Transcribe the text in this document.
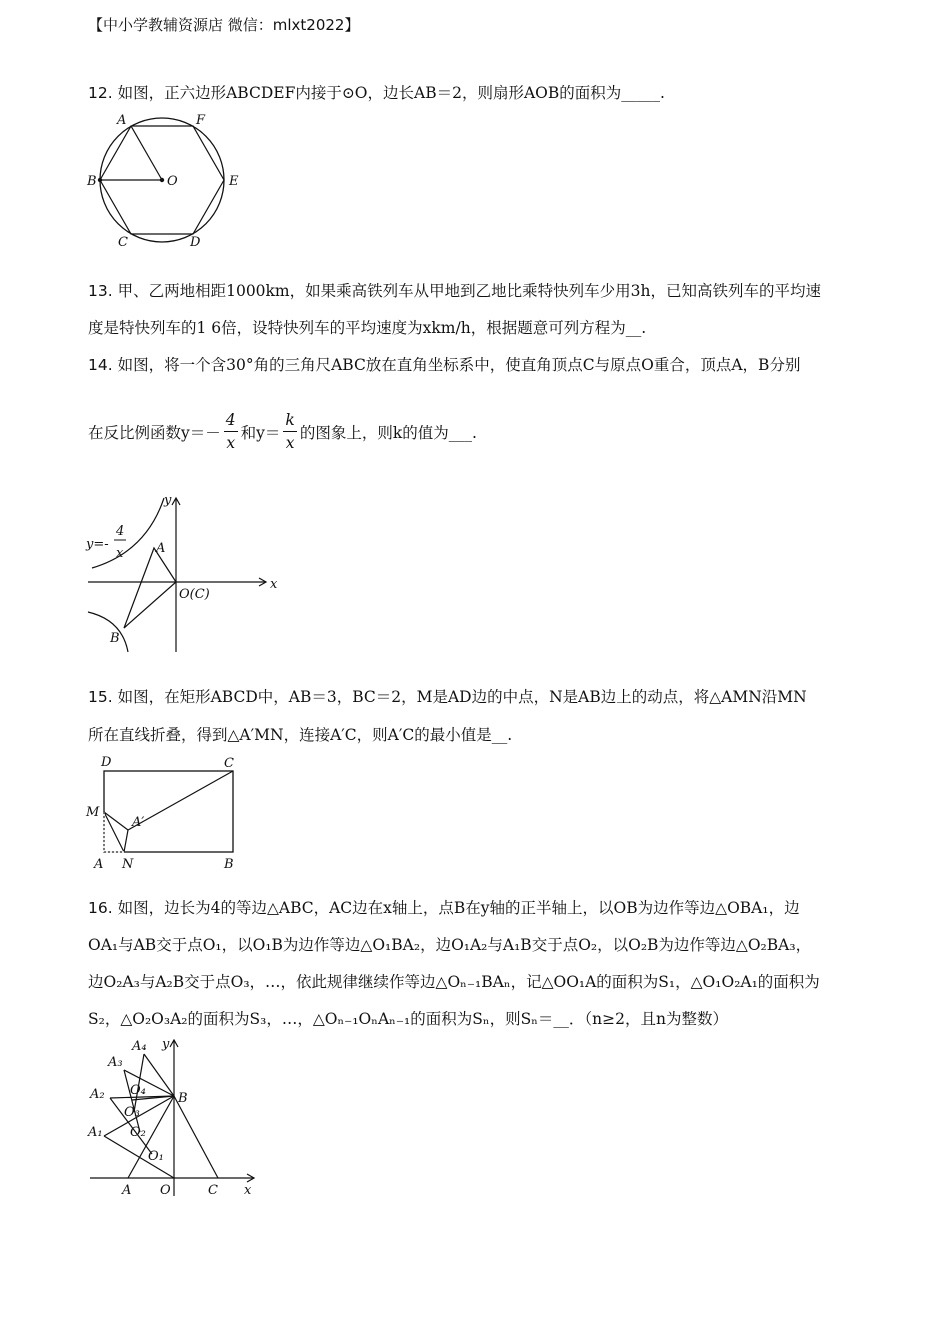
【中小学教辅资源店 微信：mlxt2022】
12. 如图，正六边形ABCDEF内接于⊙O，边长AB＝2，则扇形AOB的面积为_____.
A	F
B	O	E
C	D
13. 甲、乙两地相距1000km，如果乘高铁列车从甲地到乙地比乘特快列车少用3h，已知高铁列车的平均速
度是特快列车的1 6倍，设特快列车的平均速度为xkm/h，根据题意可列方程为__.
14. 如图，将一个含30°角的三角尺ABC放在直角坐标系中，使直角顶点C与原点O重合，顶点A，B分别
在反比例函数$y=- \frac{4}{x}$ 和$y= \frac{k}{x}$ 的图象上，则k的值为___.
y
x
O(C)
A
B
y=-
4
x
15. 如图，在矩形ABCD中，AB＝3，BC＝2，M是AD边的中点，N是AB边上的动点，将△AMN沿MN
所在直线折叠，得到△A′MN，连接A′C，则A′C的最小值是__.
D	C
M
A′
A N	B
16. 如图，边长为4的等边△ABC，AC边在x轴上，点B在y轴的正半轴上，以OB为边作等边△OBA₁，边
OA₁与AB交于点O₁，以O₁B为边作等边△O₁BA₂，边O₁A₂与A₁B交于点O₂，以O₂B为边作等边△O₂BA₃，
边O₂A₃与A₂B交于点O₃，…，依此规律继续作等边△Oₙ₋₁BAₙ，记△OO₁A的面积为S₁，△O₁O₂A₁的面积为
S₂，△O₂O₃A₂的面积为S₃，…，△Oₙ₋₁OₙAₙ₋₁的面积为Sₙ，则Sₙ＝__．（n≥2，且n为整数）
A₄ y
A₃
O₄
A₂	B
O₃
A₁ O₂
O₁
A O	C x
